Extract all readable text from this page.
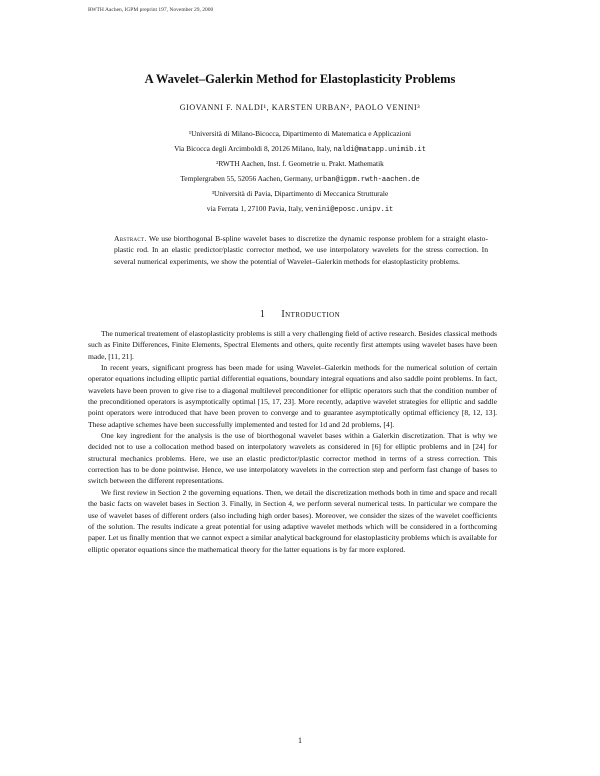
RWTH Aachen, IGPM preprint 197, November 29, 2000
A Wavelet–Galerkin Method for Elastoplasticity Problems
GIOVANNI F. NALDI¹, KARSTEN URBAN², PAOLO VENINI³
¹Università di Milano-Bicocca, Dipartimento di Matematica e Applicazioni
Via Bicocca degli Arcimboldi 8, 20126 Milano, Italy, naldi@matapp.unimib.it
²RWTH Aachen, Inst. f. Geometrie u. Prakt. Mathematik
Templergraben 55, 52056 Aachen, Germany, urban@igpm.rwth-aachen.de
³Università di Pavia, Dipartimento di Meccanica Strutturale
via Ferrata 1, 27100 Pavia, Italy, venini@eposc.unipv.it
Abstract. We use biorthogonal B-spline wavelet bases to discretize the dynamic response problem for a straight elasto-plastic rod. In an elastic predictor/plastic corrector method, we use interpolatory wavelets for the stress correction. In several numerical experiments, we show the potential of Wavelet–Galerkin methods for elastoplasticity problems.
1 Introduction

The numerical treatement of elastoplasticity problems is still a very challenging field of active research. Besides classical methods such as Finite Differences, Finite Elements, Spectral Elements and others, quite recently first attempts using wavelet bases have been made, [11, 21].

In recent years, significant progress has been made for using Wavelet–Galerkin methods for the numerical solution of certain operator equations including elliptic partial differential equations, boundary integral equations and also saddle point problems. In fact, wavelets have been proven to give rise to a diagonal multilevel preconditioner for elliptic operators such that the condition number of the preconditioned operators is asymptotically optimal [15, 17, 23]. More recently, adaptive wavelet strategies for elliptic and saddle point operators were introduced that have been proven to converge and to guarantee asymptotically optimal efficiency [8, 12, 13]. These adaptive schemes have been successfully implemented and tested for 1d and 2d problems, [4].

One key ingredient for the analysis is the use of biorthogonal wavelet bases within a Galerkin discretization. That is why we decided not to use a collocation method based on interpolatory wavelets as considered in [6] for elliptic problems and in [24] for structural mechanics problems. Here, we use an elastic predictor/plastic corrector method in terms of a stress correction. This correction has to be done pointwise. Hence, we use interpolatory wavelets in the correction step and perform fast change of bases to switch between the different representations.

We first review in Section 2 the governing equations. Then, we detail the discretization methods both in time and space and recall the basic facts on wavelet bases in Section 3. Finally, in Section 4, we perform several numerical tests. In particular we compare the use of wavelet bases of different orders (also including high order bases). Moreover, we consider the sizes of the wavelet coefficients of the solution. The results indicate a great potential for using adaptive wavelet methods which will be considered in a forthcoming paper. Let us finally mention that we cannot expect a similar analytical background for elastoplasticity problems which is available for elliptic operator equations since the mathematical theory for the latter equations is by far more explored.

1
